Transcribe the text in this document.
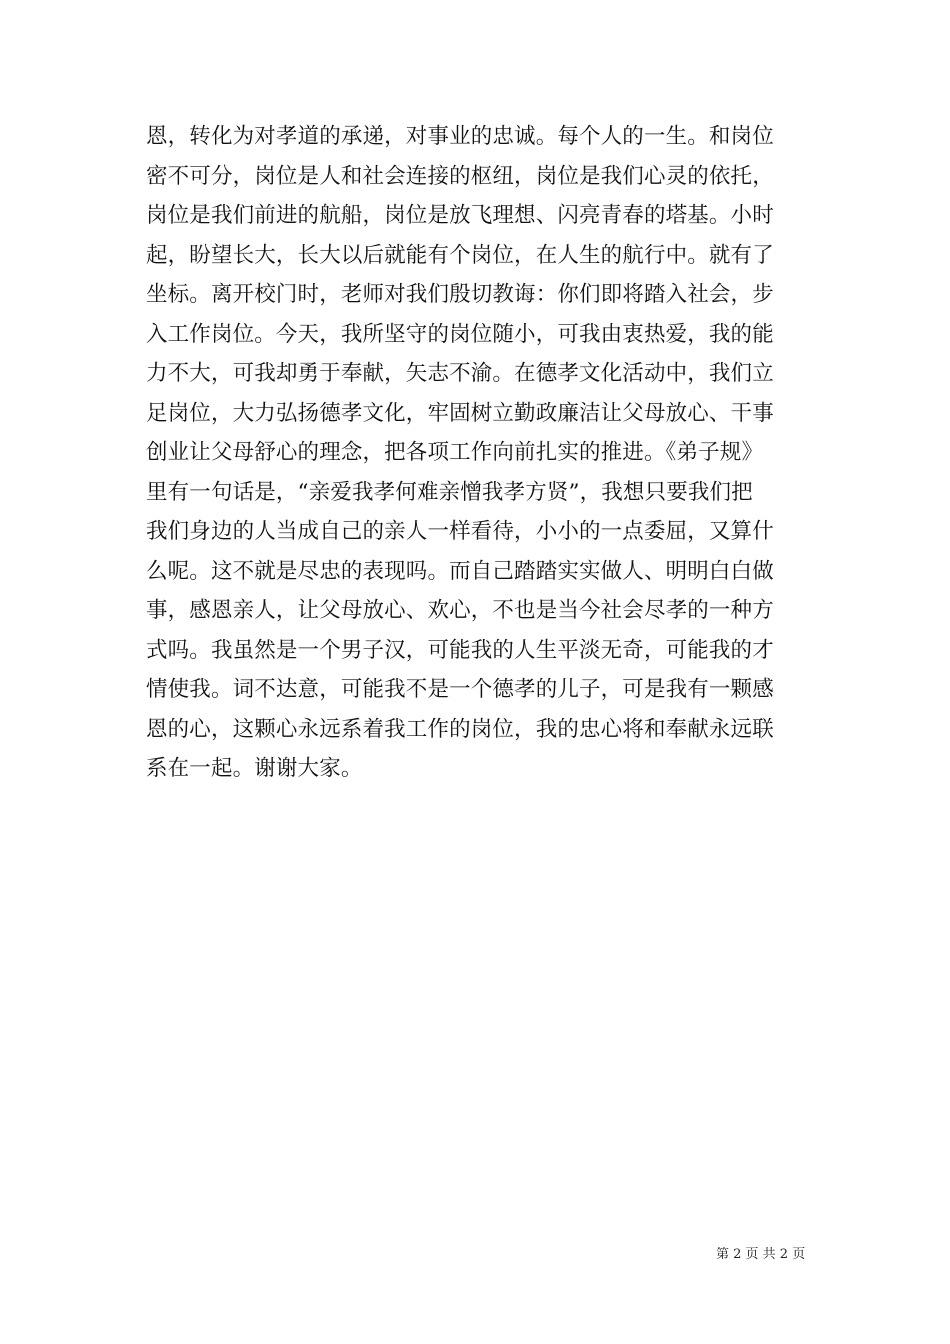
恩，转化为对孝道的承递，对事业的忠诚。每个人的一生。和岗位
密不可分，岗位是人和社会连接的枢纽，岗位是我们心灵的依托，
岗位是我们前进的航船，岗位是放飞理想、闪亮青春的塔基。小时
起，盼望长大，长大以后就能有个岗位，在人生的航行中。就有了
坐标。离开校门时，老师对我们殷切教诲：你们即将踏入社会，步
入工作岗位。今天，我所坚守的岗位随小，可我由衷热爱，我的能
力不大，可我却勇于奉献，矢志不渝。在德孝文化活动中，我们立
足岗位，大力弘扬德孝文化，牢固树立勤政廉洁让父母放心、干事
创业让父母舒心的理念，把各项工作向前扎实的推进。《弟子规》
里有一句话是，“亲爱我孝何难亲憎我孝方贤”，我想只要我们把
我们身边的人当成自己的亲人一样看待，小小的一点委屈，又算什
么呢。这不就是尽忠的表现吗。而自己踏踏实实做人、明明白白做
事，感恩亲人，让父母放心、欢心，不也是当今社会尽孝的一种方
式吗。我虽然是一个男子汉，可能我的人生平淡无奇，可能我的才
情使我。词不达意，可能我不是一个德孝的儿子，可是我有一颗感
恩的心，这颗心永远系着我工作的岗位，我的忠心将和奉献永远联
系在一起。谢谢大家。
第 2 页 共 2 页
